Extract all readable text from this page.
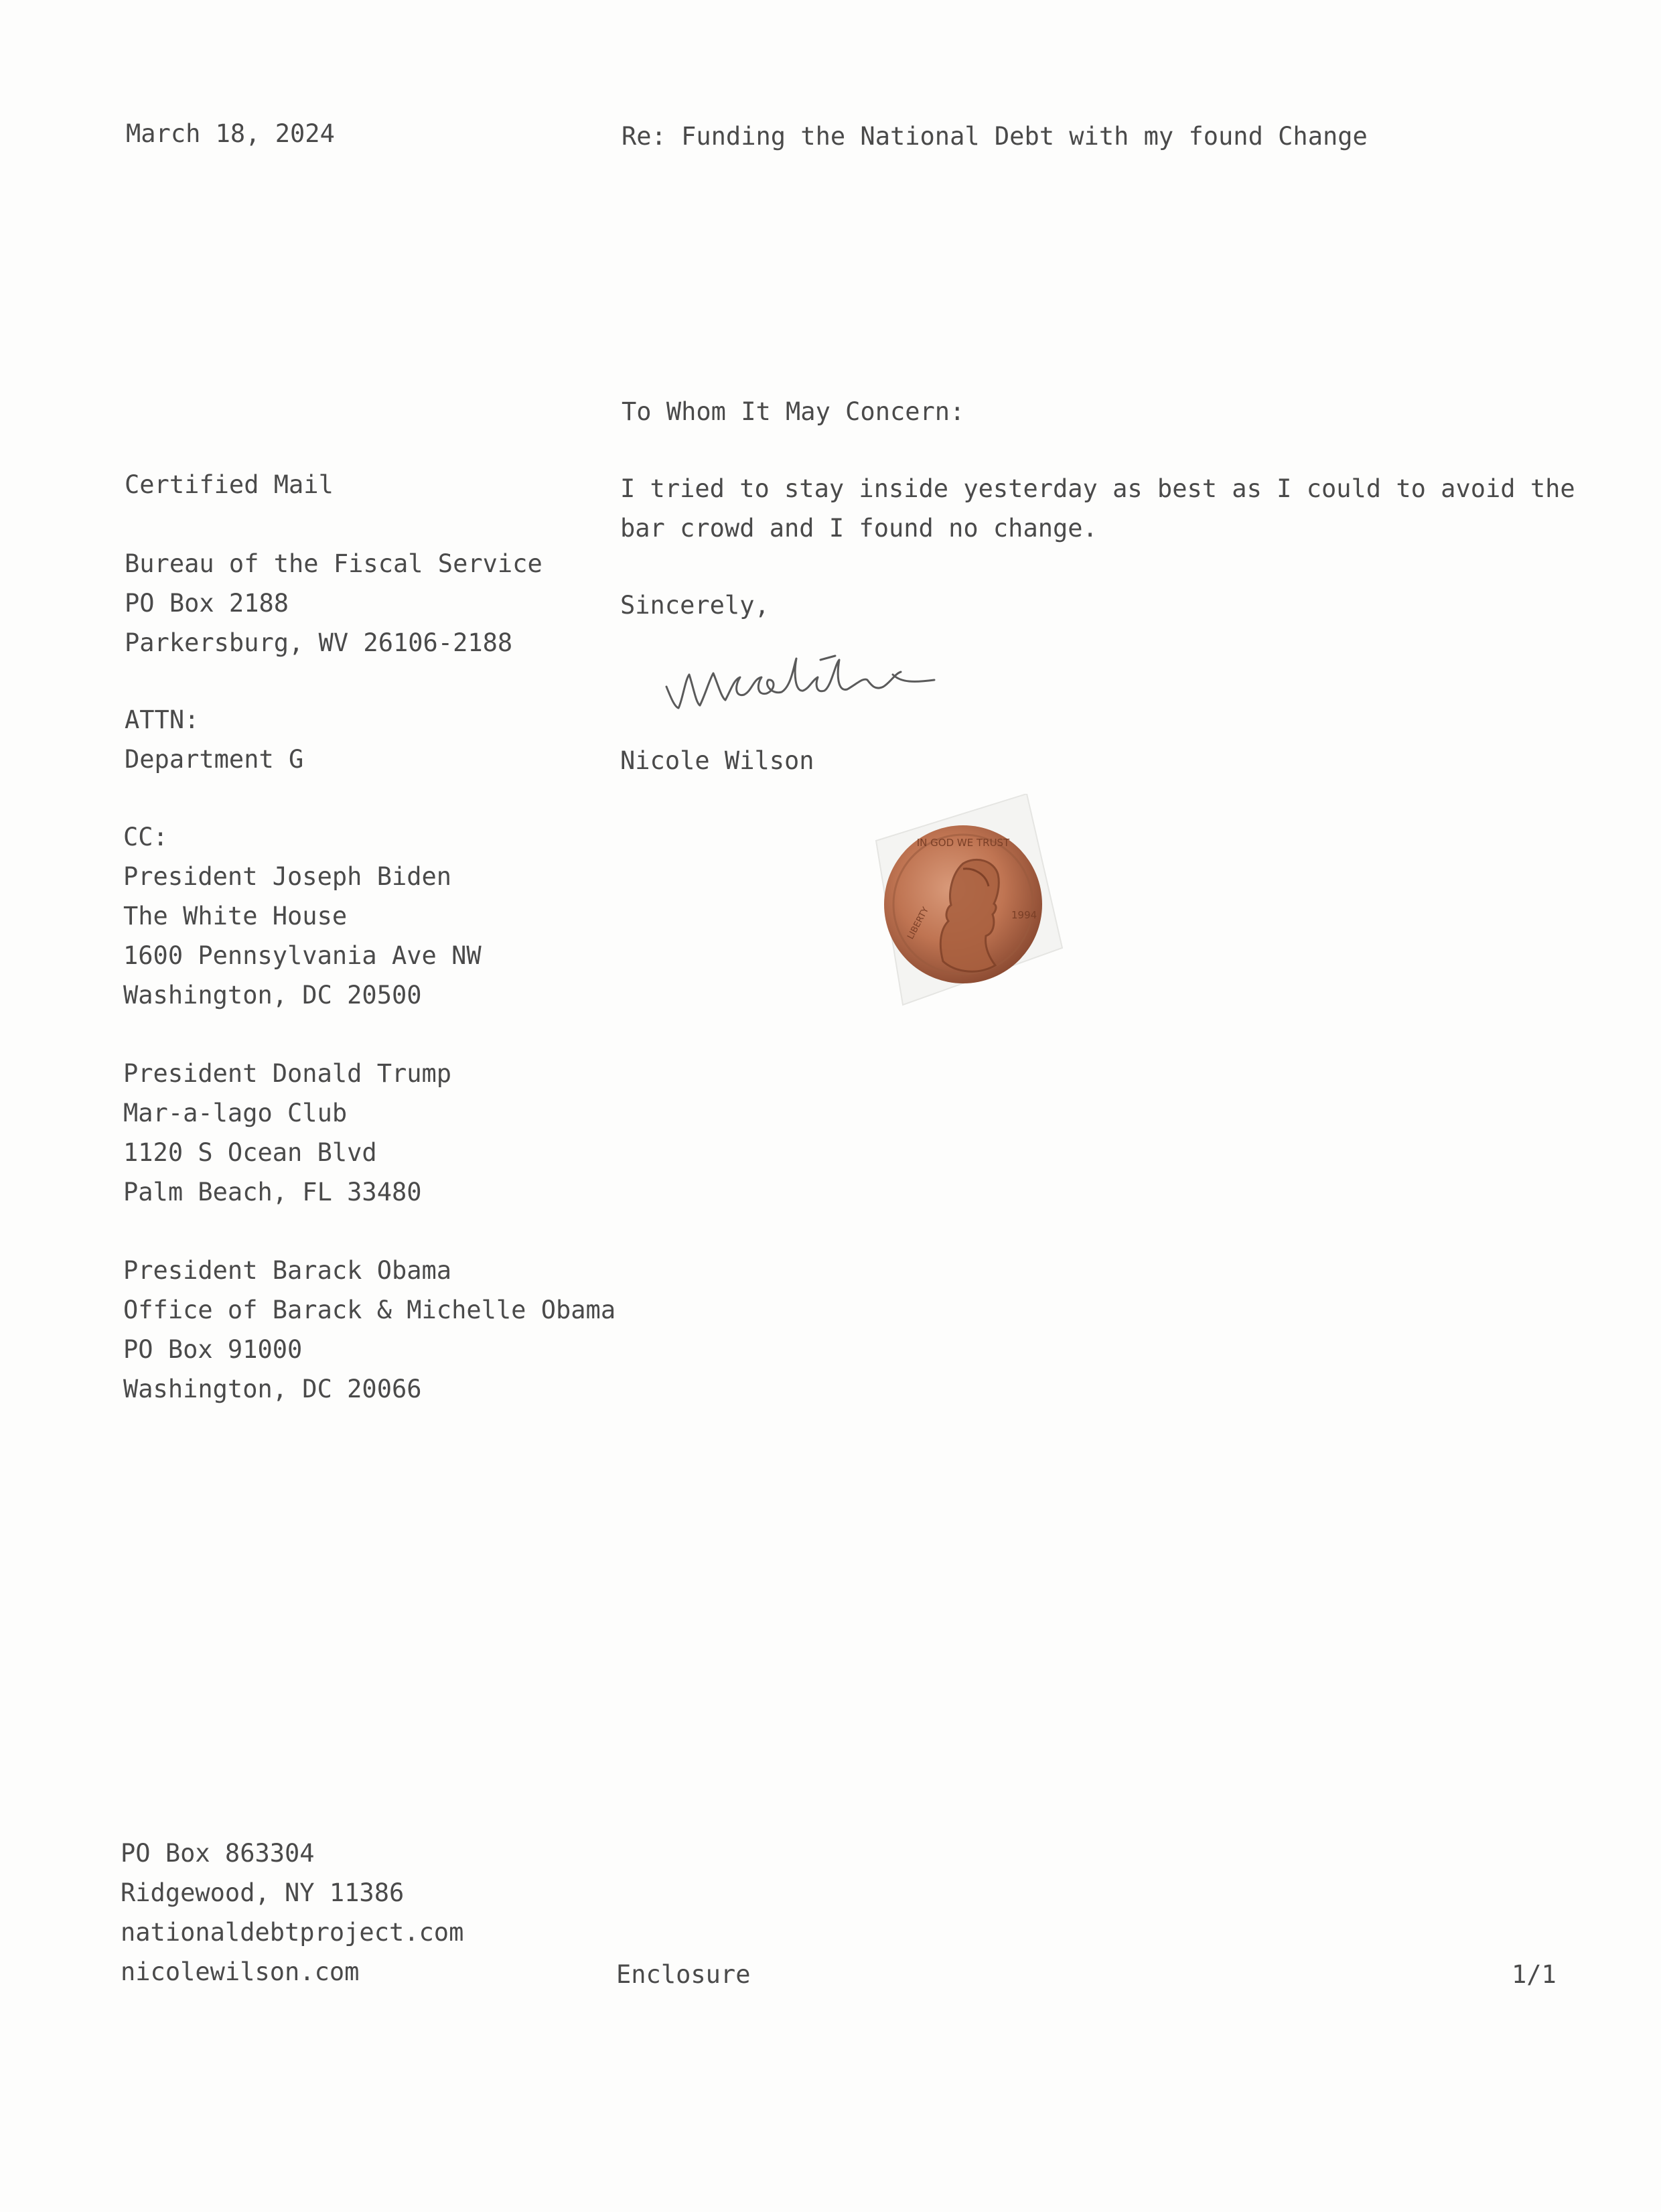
March 18, 2024	Re: Funding the National Debt with my found Change
Certified Mail
Bureau of the Fiscal Service
PO Box 2188
Parkersburg, WV 26106-2188
ATTN:
Department G
CC:
President Joseph Biden
The White House
1600 Pennsylvania Ave NW
Washington, DC 20500
President Donald Trump
Mar-a-lago Club
1120 S Ocean Blvd
Palm Beach, FL 33480
President Barack Obama
Office of Barack & Michelle Obama
PO Box 91000
Washington, DC 20066
To Whom It May Concern:
I tried to stay inside yesterday as best as I could to avoid the
bar crowd and I found no change.
Sincerely,
Nicole Wilson
IN GOD WE TRUST
LIBERTY	1994
PO Box 863304
Ridgewood, NY 11386
nationaldebtproject.com
nicolewilson.com	Enclosure	1/1
